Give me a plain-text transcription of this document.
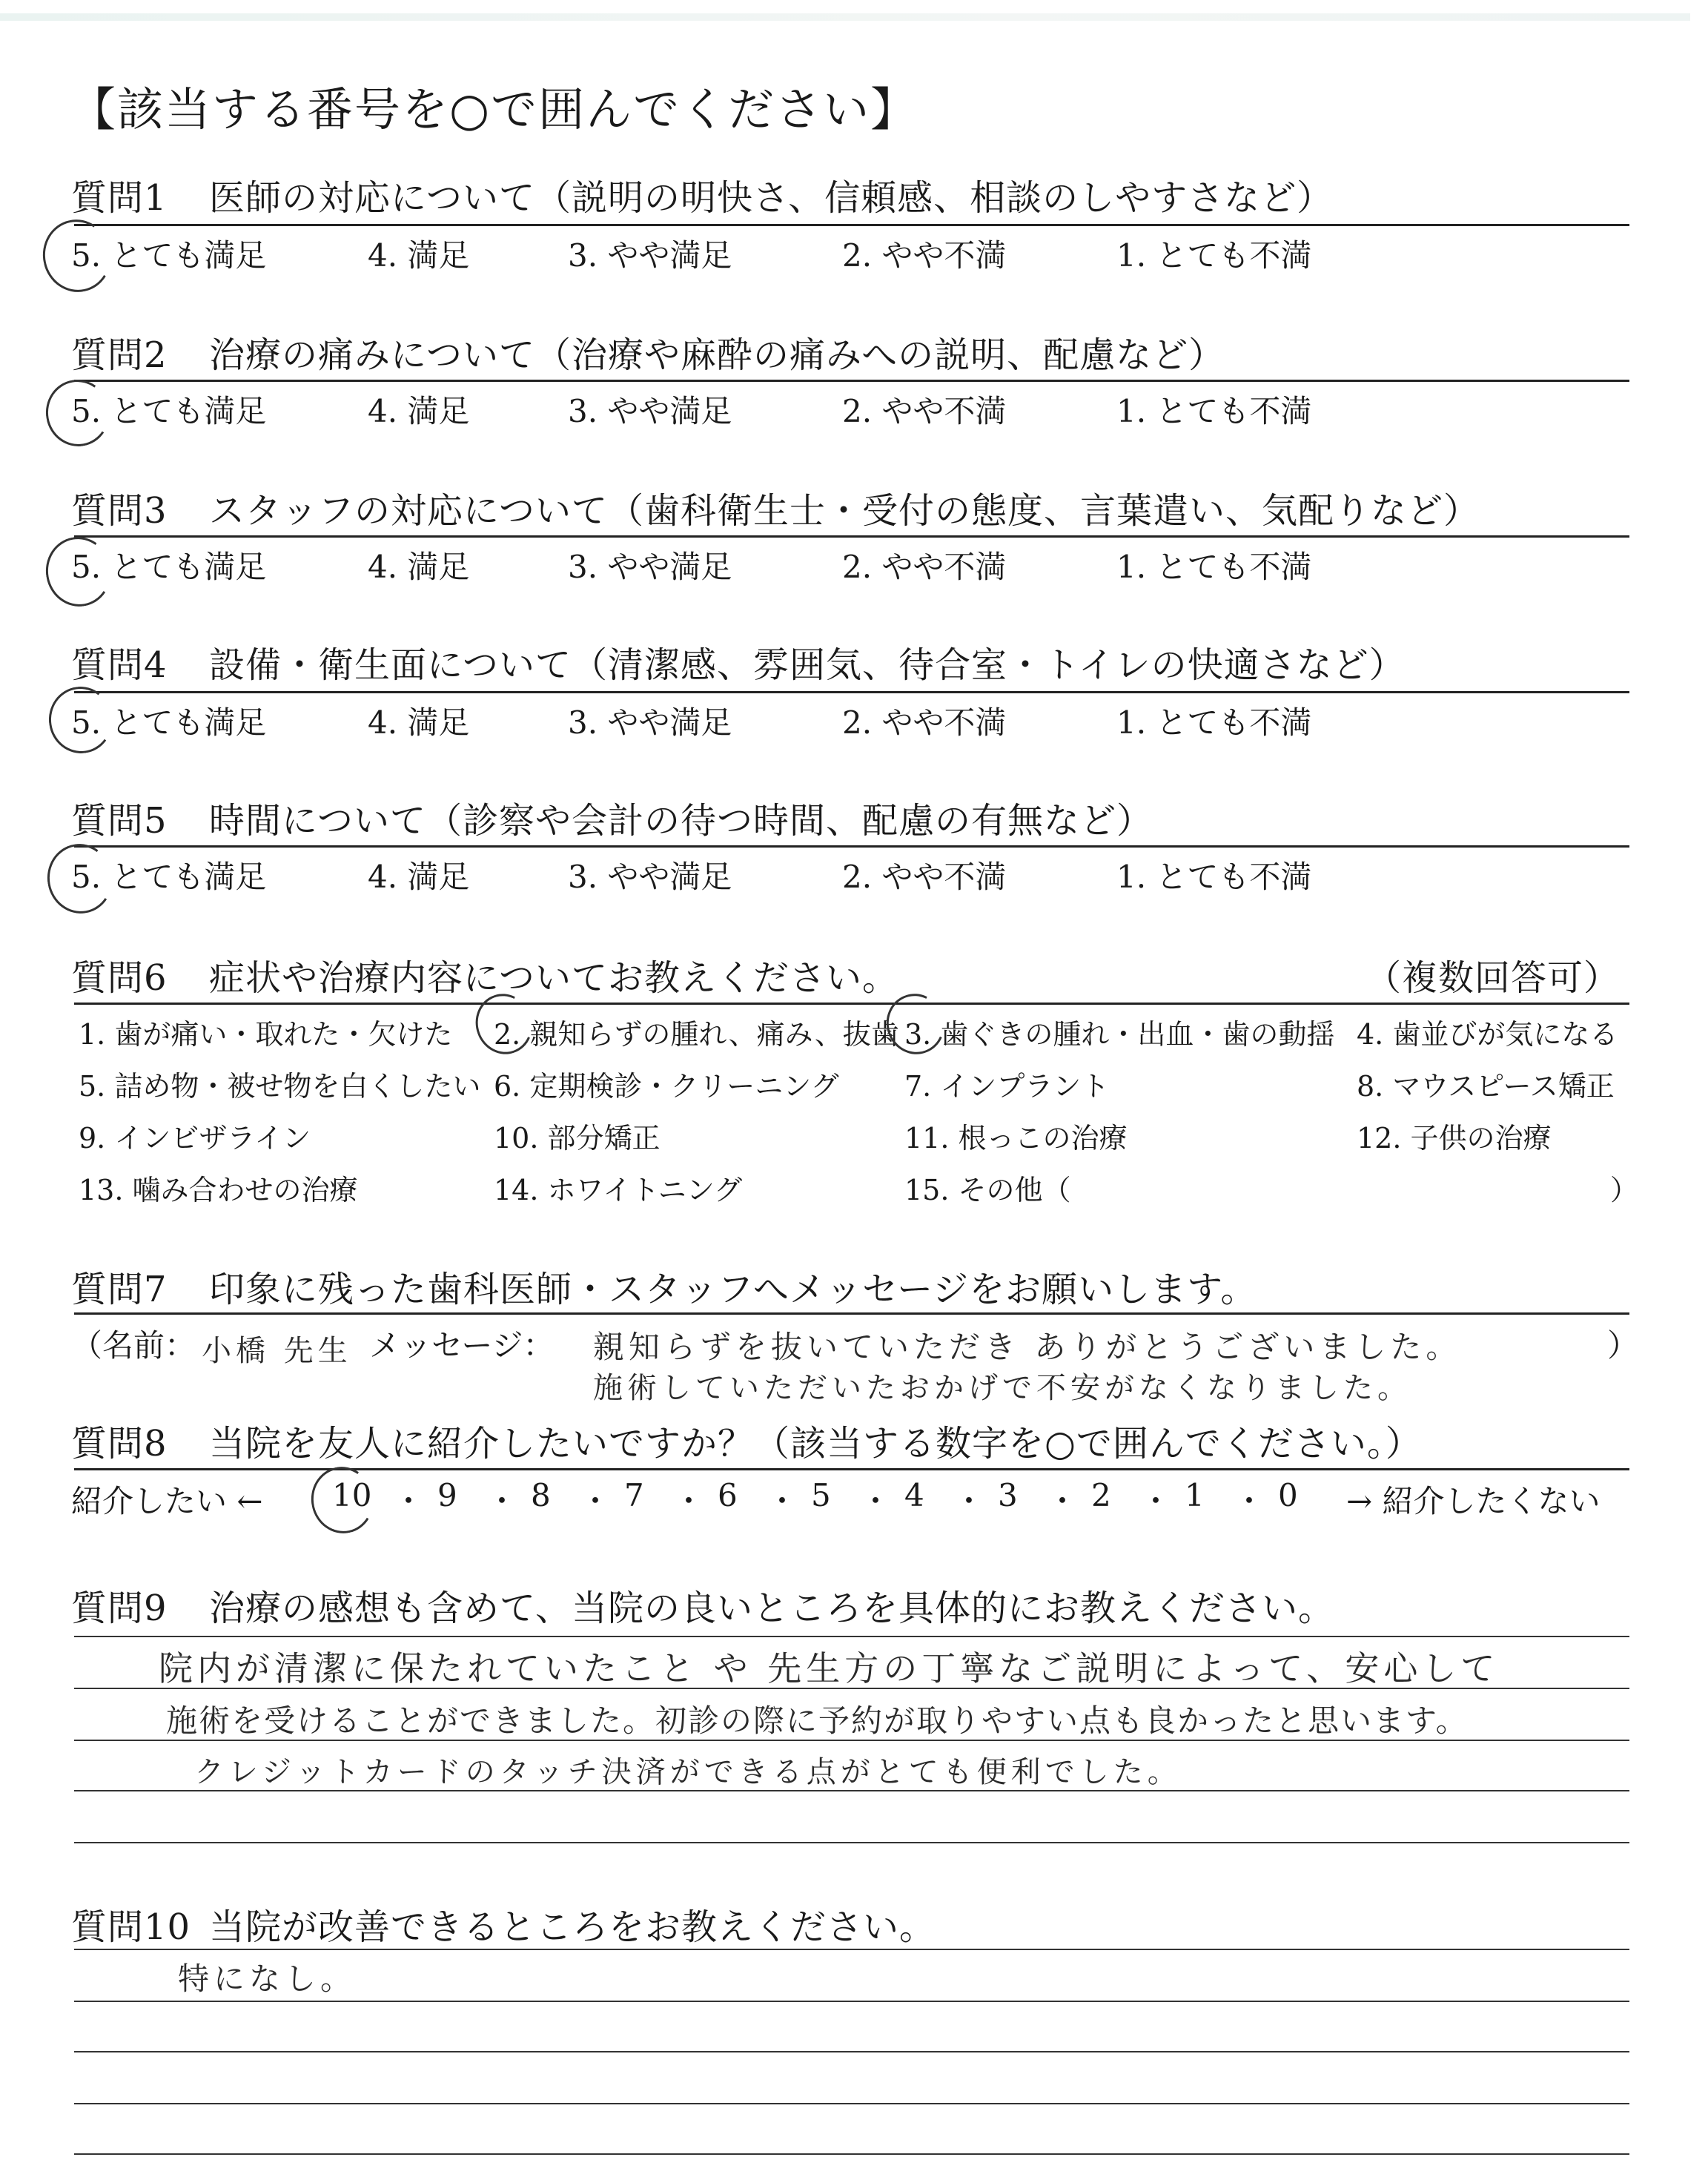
【該当する番号を○で囲んでください】
質問1 医師の対応について（説明の明快さ、信頼感、相談のしやすさなど）
5. とても満足	4. 満足	3. やや満足	2. やや不満	1. とても不満
質問2 治療の痛みについて（治療や麻酔の痛みへの説明、配慮など）
5. とても満足	4. 満足	3. やや満足	2. やや不満	1. とても不満
質問3 スタッフの対応について（歯科衛生士・受付の態度、言葉遣い、気配りなど）
5. とても満足	4. 満足	3. やや満足	2. やや不満	1. とても不満
質問4 設備・衛生面について（清潔感、雰囲気、待合室・トイレの快適さなど）
5. とても満足	4. 満足	3. やや満足	2. やや不満	1. とても不満
質問5 時間について（診察や会計の待つ時間、配慮の有無など）
5. とても満足	4. 満足	3. やや満足	2. やや不満	1. とても不満
質問6 症状や治療内容についてお教えください。	（複数回答可）
1. 歯が痛い・取れた・欠けた 2. 親知らずの腫れ、痛み、抜歯 3. 歯ぐきの腫れ・出血・歯の動揺 4. 歯並びが気になる
5. 詰め物・被せ物を白くしたい 6. 定期検診・クリーニング 7. インプラント	8. マウスピース矯正
9. インビザライン	10. 部分矯正	11. 根っこの治療	12. 子供の治療
13. 噛み合わせの治療	14. ホワイトニング	15. その他（	）
質問7 印象に残った歯科医師・スタッフへメッセージをお願いします。
（名前： 小橋 先生 メッセージ： 親知らずを抜いていただき ありがとうございました。
施術していただいたおかげで不安がなくなりました。
）
質問8 当院を友人に紹介したいですか？（該当する数字を○で囲んでください。）
紹介したい ← 10 ・ 9 ・ 8 ・ 7 ・ 6 ・ 5 ・ 4 ・ 3 ・ 2 ・ 1 ・ 0 → 紹介したくない
質問9 治療の感想も含めて、当院の良いところを具体的にお教えください。
院内が清潔に保たれていたこと や 先生方の丁寧なご説明によって、安心して
施術を受けることができました。初診の際に予約が取りやすい点も良かったと思います。
クレジットカードのタッチ決済ができる点がとても便利でした。
質問10 当院が改善できるところをお教えください。
特になし。
